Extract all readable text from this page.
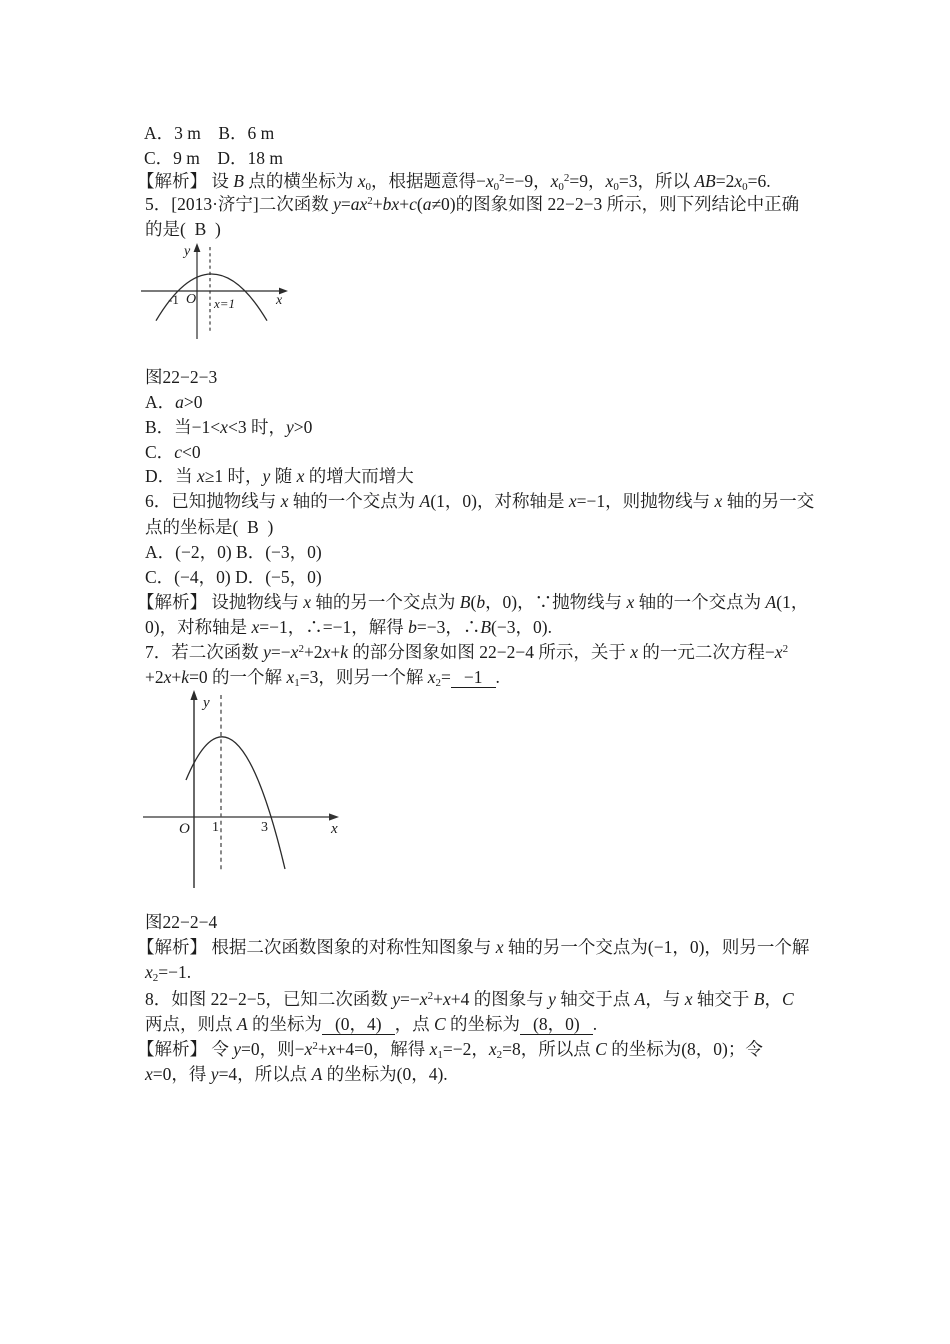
A．3 m B．6 m
C．9 m D．18 m
【解析】 设 B 点的横坐标为 $x_0$，根据题意得$-x_0^2=-9$，$x_0^2=9$，$x_0=3$，所以 $AB=2x_0=6$.
5．[2013·济宁]二次函数 $y=ax^2+bx+c(a\ne 0)$的图象如图 22−2−3 所示，则下列结论中正确
的是(  B  )
图22−2−3
A．a>0
B．当−1<x<3 时，y>0
C．c<0
D．当 x≥1 时，y 随 x 的增大而增大
6．已知抛物线与 x 轴的一个交点为 A(1，0)，对称轴是 x=−1，则抛物线与 x 轴的另一交
点的坐标是(  B  )
A．(−2，0) B．(−3，0)
C．(−4，0) D．(−5，0)
【解析】 设抛物线与 x 轴的另一个交点为 B(b，0)，∵抛物线与 x 轴的一个交点为 A(1，
0)，对称轴是 x=−1，∴=−1，解得 b=−3，∴B(−3，0).
7．若二次函数 $y=-x^2+2x+k$ 的部分图象如图 22−2−4 所示，关于 x 的一元二次方程$-x^2$
+2x+k=0 的一个解 $x_1=3$，则另一个解 $x_2= -1$ .
图22−2−4
【解析】 根据二次函数图象的对称性知图象与 x 轴的另一个交点为(−1，0)，则另一个解
$x_2=-1$.
8．如图 22−2−5，已知二次函数 $y=-x^2+x+4$ 的图象与 y 轴交于点 A，与 x 轴交于 B，C
两点，则点 A 的坐标为 (0，4) ，点 C 的坐标为 (8，0) .
【解析】 令 y=0，则$-x^2+x+4=0$，解得 $x_1=-2$，$x_2=8$，所以点 C 的坐标为(8，0)；令
x=0，得 y=4，所以点 A 的坐标为(0，4).
y
x
-1 O x=1
y
x
O 1	3
